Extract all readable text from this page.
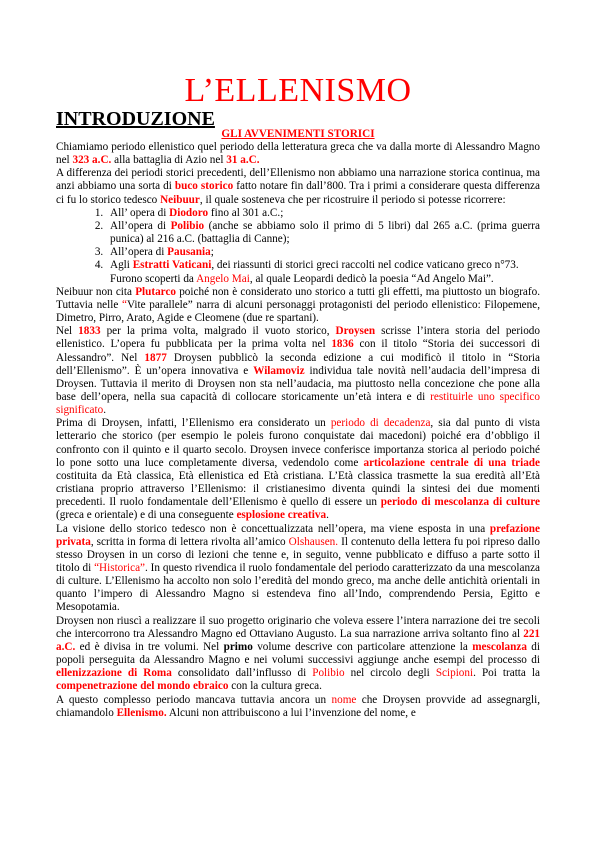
L’ELLENISMO
INTRODUZIONE
GLI AVVENIMENTI STORICI

Chiamiamo periodo ellenistico quel periodo della letteratura greca che va dalla morte di Alessandro Magno nel 323 a.C. alla battaglia di Azio nel 31 a.C.

A differenza dei periodi storici precedenti, dell’Ellenismo non abbiamo una narrazione storica continua, ma anzi abbiamo una sorta di buco storico fatto notare fin dall’800. Tra i primi a considerare questa differenza ci fu lo storico tedesco Neibuur, il quale sosteneva che per ricostruire il periodo si potesse ricorrere:

1. All’ opera di Diodoro fino al 301 a.C.;
2. All’opera di Polibio (anche se abbiamo solo il primo di 5 libri) dal 265 a.C. (prima guerra punica) al 216 a.C. (battaglia di Canne);
3. All’opera di Pausania;
4. Agli Estratti Vaticani, dei riassunti di storici greci raccolti nel codice vaticano greco n°73.

Furono scoperti da Angelo Mai, al quale Leopardi dedicò la poesia “Ad Angelo Mai”.

Neibuur non cita Plutarco poiché non è considerato uno storico a tutti gli effetti, ma piuttosto un biografo. Tuttavia nelle “Vite parallele” narra di alcuni personaggi protagonisti del periodo ellenistico: Filopemene, Dimetro, Pirro, Arato, Agide e Cleomene (due re spartani).

Nel 1833 per la prima volta, malgrado il vuoto storico, Droysen scrisse l’intera storia del periodo ellenistico. L’opera fu pubblicata per la prima volta nel 1836 con il titolo “Storia dei successori di Alessandro”. Nel 1877 Droysen pubblicò la seconda edizione a cui modificò il titolo in “Storia dell’Ellenismo”. È un’opera innovativa e Wilamoviz individua tale novità nell’audacia dell’impresa di Droysen. Tuttavia il merito di Droysen non sta nell’audacia, ma piuttosto nella concezione che pone alla base dell’opera, nella sua capacità di collocare storicamente un’età intera e di restituirle uno specifico significato.

Prima di Droysen, infatti, l’Ellenismo era considerato un periodo di decadenza, sia dal punto di vista letterario che storico (per esempio le poleis furono conquistate dai macedoni) poiché era d’obbligo il confronto con il quinto e il quarto secolo. Droysen invece conferisce importanza storica al periodo poiché lo pone sotto una luce completamente diversa, vedendolo come articolazione centrale di una triade costituita da Età classica, Età ellenistica ed Età cristiana. L’Età classica trasmette la sua eredità all’Età cristiana proprio attraverso l’Ellenismo: il cristianesimo diventa quindi la sintesi dei due momenti precedenti. Il ruolo fondamentale dell’Ellenismo è quello di essere un periodo di mescolanza di culture (greca e orientale) e di una conseguente esplosione creativa.

La visione dello storico tedesco non è concettualizzata nell’opera, ma viene esposta in una prefazione privata, scritta in forma di lettera rivolta all’amico Olshausen. Il contenuto della lettera fu poi ripreso dallo stesso Droysen in un corso di lezioni che tenne e, in seguito, venne pubblicato e diffuso a parte sotto il titolo di “Historica”. In questo rivendica il ruolo fondamentale del periodo caratterizzato da una mescolanza di culture. L’Ellenismo ha accolto non solo l’eredità del mondo greco, ma anche delle antichità orientali in quanto l’impero di Alessandro Magno si estendeva fino all’Indo, comprendendo Persia, Egitto e Mesopotamia.

Droysen non riuscì a realizzare il suo progetto originario che voleva essere l’intera narrazione dei tre secoli che intercorrono tra Alessandro Magno ed Ottaviano Augusto. La sua narrazione arriva soltanto fino al 221 a.C. ed è divisa in tre volumi. Nel primo volume descrive con particolare attenzione la mescolanza di popoli perseguita da Alessandro Magno e nei volumi successivi aggiunge anche esempi del processo di ellenizzazione di Roma consolidato dall’influsso di Polibio nel circolo degli Scipioni. Poi tratta la compenetrazione del mondo ebraico con la cultura greca.

A questo complesso periodo mancava tuttavia ancora un nome che Droysen provvide ad assegnargli, chiamandolo Ellenismo. Alcuni non attribuiscono a lui l’invenzione del nome, e
